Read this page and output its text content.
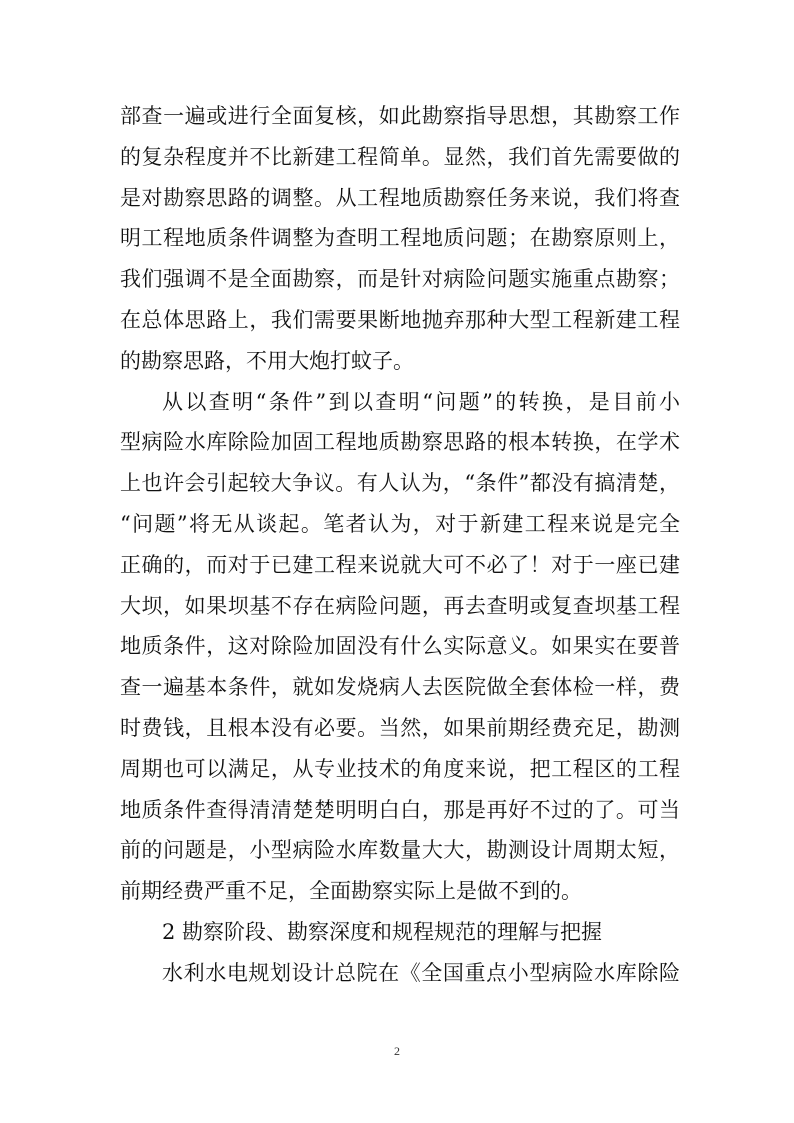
部查一遍或进行全面复核，如此勘察指导思想，其勘察工作
的复杂程度并不比新建工程简单。显然，我们首先需要做的
是对勘察思路的调整。从工程地质勘察任务来说，我们将查
明工程地质条件调整为查明工程地质问题；在勘察原则上，
我们强调不是全面勘察，而是针对病险问题实施重点勘察；
在总体思路上，我们需要果断地抛弃那种大型工程新建工程
的勘察思路，不用大炮打蚊子。
从以查明“条件”到以查明“问题”的转换，是目前小
型病险水库除险加固工程地质勘察思路的根本转换，在学术
上也许会引起较大争议。有人认为，“条件”都没有搞清楚，
“问题”将无从谈起。笔者认为，对于新建工程来说是完全
正确的，而对于已建工程来说就大可不必了！对于一座已建
大坝，如果坝基不存在病险问题，再去查明或复查坝基工程
地质条件，这对除险加固没有什么实际意义。如果实在要普
查一遍基本条件，就如发烧病人去医院做全套体检一样，费
时费钱，且根本没有必要。当然，如果前期经费充足，勘测
周期也可以满足，从专业技术的角度来说，把工程区的工程
地质条件查得清清楚楚明明白白，那是再好不过的了。可当
前的问题是，小型病险水库数量大大，勘测设计周期太短，
前期经费严重不足，全面勘察实际上是做不到的。
2 勘察阶段、勘察深度和规程规范的理解与把握
水利水电规划设计总院在《全国重点小型病险水库除险
2
